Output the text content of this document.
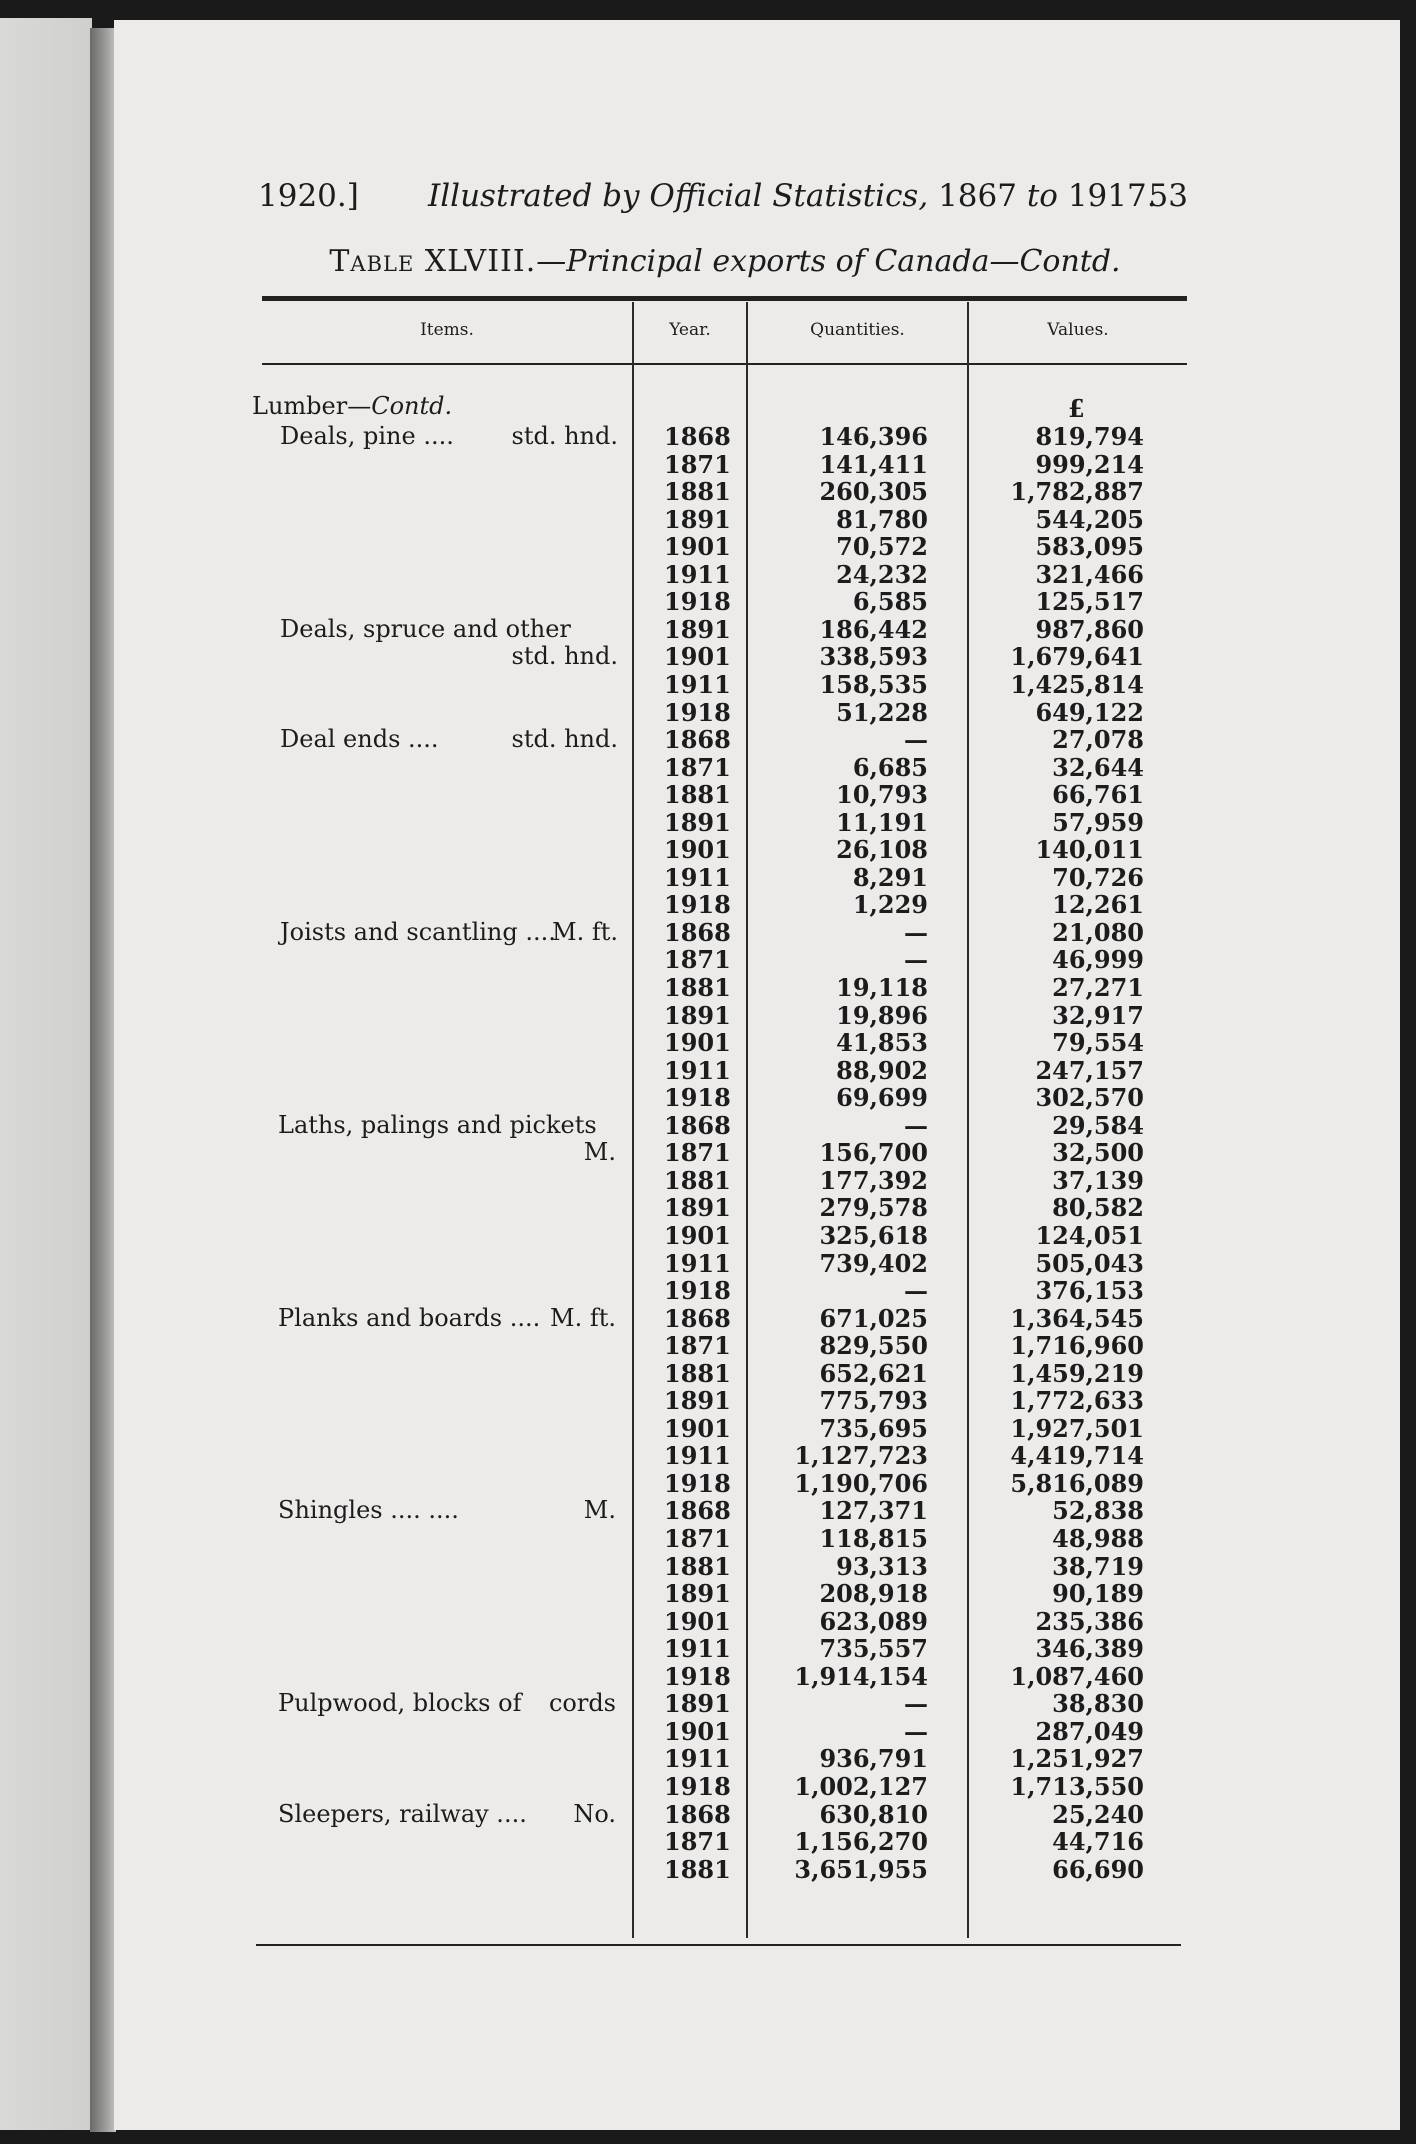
1920.] Illustrated by Official Statistics, 1867 to 1917.
53
Table XLVIII.—Principal exports of Canada—Contd.
Items.	Year.	Quantities.	Values.
Lumber—Contd.	£
Deals, pine .... std. hnd. 1868	146,396	819,794
1871	141,411	999,214
1881	260,305	1,782,887
1891	81,780	544,205
1901	70,572	583,095
1911	24,232	321,466
1918	6,585	125,517
Deals, spruce and other
std. hnd.
1891	186,442	987,860
1901	338,593	1,679,641
1911	158,535	1,425,814
1918	51,228	649,122
Deal ends ....	std. hnd. 1868	—	27,078
1871	6,685	32,644
1881	10,793	66,761
1891	11,191	57,959
1901	26,108	140,011
1911	8,291	70,726
1918	1,229	12,261
Joists and scantling ....
M. ft. 1868	—	21,080
1871	—	46,999
1881	19,118	27,271
1891	19,896	32,917
1901	41,853	79,554
1911	88,902	247,157
1918	69,699	302,570
Laths, palings and pickets
M.
1868	—	29,584
1871	156,700	32,500
1881	177,392	37,139
1891	279,578	80,582
1901	325,618	124,051
1911	739,402	505,043
1918	—	376,153
Planks and boards .... M. ft. 1868	671,025	1,364,545
1871	829,550	1,716,960
1881	652,621	1,459,219
1891	775,793	1,772,633
1901	735,695	1,927,501
1911	1,127,723	4,419,714
1918	1,190,706	5,816,089
Shingles .... ....	M. 1868	127,371	52,838
1871	118,815	48,988
1881	93,313	38,719
1891	208,918	90,189
1901	623,089	235,386
1911	735,557	346,389
1918	1,914,154	1,087,460
Pulpwood, blocks of cords 1891	—	38,830
1901	—	287,049
1911	936,791	1,251,927
1918	1,002,127	1,713,550
Sleepers, railway .... No. 1868	630,810	25,240
1871	1,156,270	44,716
1881	3,651,955	66,690
